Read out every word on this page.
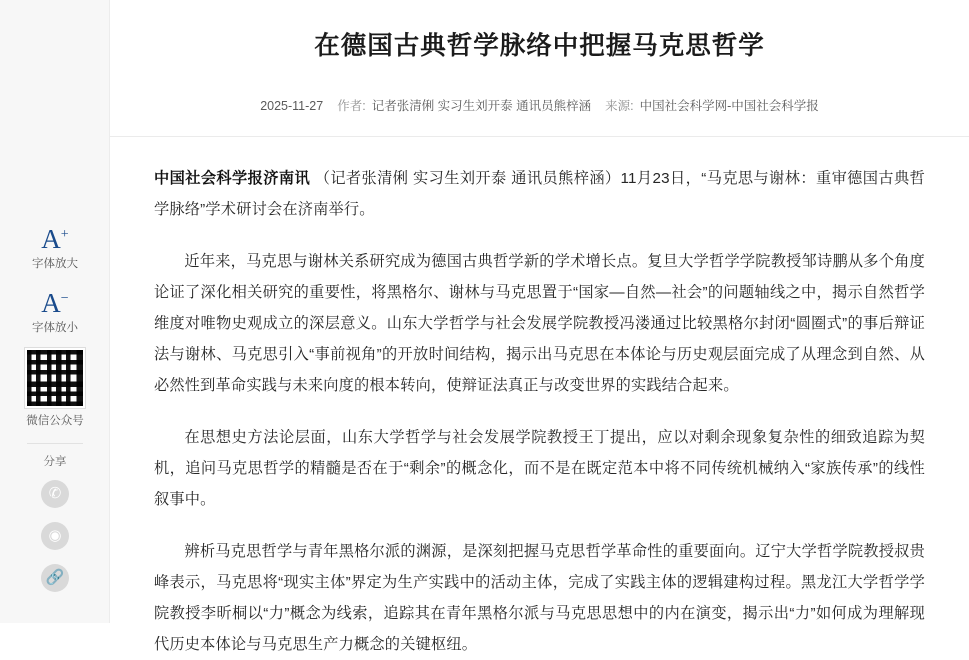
A+
字体放大
A−
字体放小
微信公众号
分享
✆
◉
🔗
在德国古典哲学脉络中把握马克思哲学
2025-11-27 作者: 记者张清俐 实习生刘开泰 通讯员熊梓涵 来源: 中国社会科学网-中国社会科学报

中国社会科学报济南讯 （记者张清俐 实习生刘开泰 通讯员熊梓涵）11月23日，“马克思与谢林：重审德国古典哲学脉络”学术研讨会在济南举行。

近年来，马克思与谢林关系研究成为德国古典哲学新的学术增长点。复旦大学哲学学院教授邹诗鹏从多个角度论证了深化相关研究的重要性，将黑格尔、谢林与马克思置于“国家—自然—社会”的问题轴线之中，揭示自然哲学维度对唯物史观成立的深层意义。山东大学哲学与社会发展学院教授冯溇通过比较黑格尔封闭“圆圈式”的事后辩证法与谢林、马克思引入“事前视角”的开放时间结构，揭示出马克思在本体论与历史观层面完成了从理念到自然、从必然性到革命实践与未来向度的根本转向，使辩证法真正与改变世界的实践结合起来。

在思想史方法论层面，山东大学哲学与社会发展学院教授王丁提出，应以对剩余现象复杂性的细致追踪为契机，追问马克思哲学的精髓是否在于“剩余”的概念化，而不是在既定范本中将不同传统机械纳入“家族传承”的线性叙事中。

辨析马克思哲学与青年黑格尔派的渊源，是深刻把握马克思哲学革命性的重要面向。辽宁大学哲学院教授叔贵峰表示，马克思将“现实主体”界定为生产实践中的活动主体，完成了实践主体的逻辑建构过程。黑龙江大学哲学学院教授李昕桐以“力”概念为线索，追踪其在青年黑格尔派与马克思思想中的内在演变，揭示出“力”如何成为理解现代历史本体论与马克思生产力概念的关键枢纽。
